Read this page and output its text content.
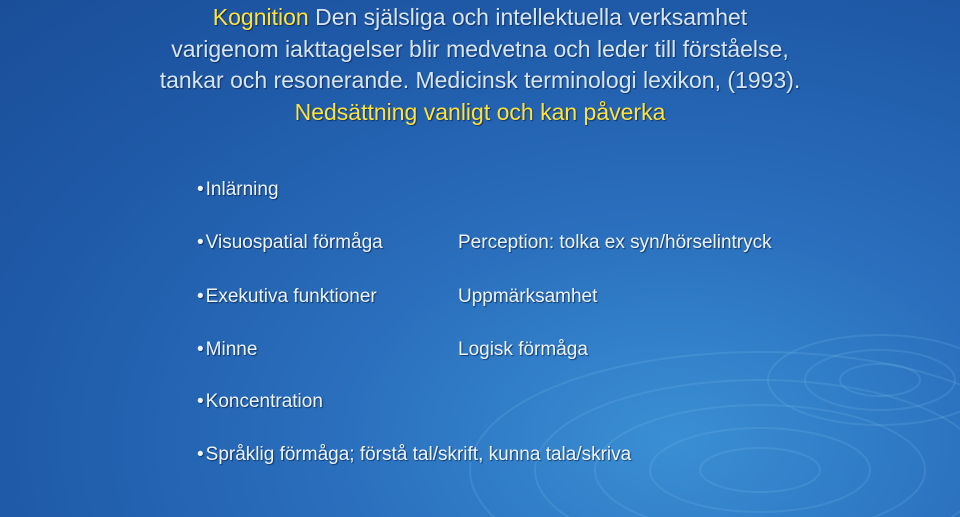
Kognition Den själsliga och intellektuella verksamhet
varigenom iakttagelser blir medvetna och leder till förståelse,
tankar och resonerande. Medicinsk terminologi lexikon, (1993).
Nedsättning vanligt och kan påverka
• Inlärning
• Visuospatial förmåga
• Exekutiva funktioner
• Minne
• Koncentration
• Språklig förmåga; förstå tal/skrift, kunna tala/skriva
Perception: tolka ex syn/hörselintryck
Uppmärksamhet
Logisk förmåga
